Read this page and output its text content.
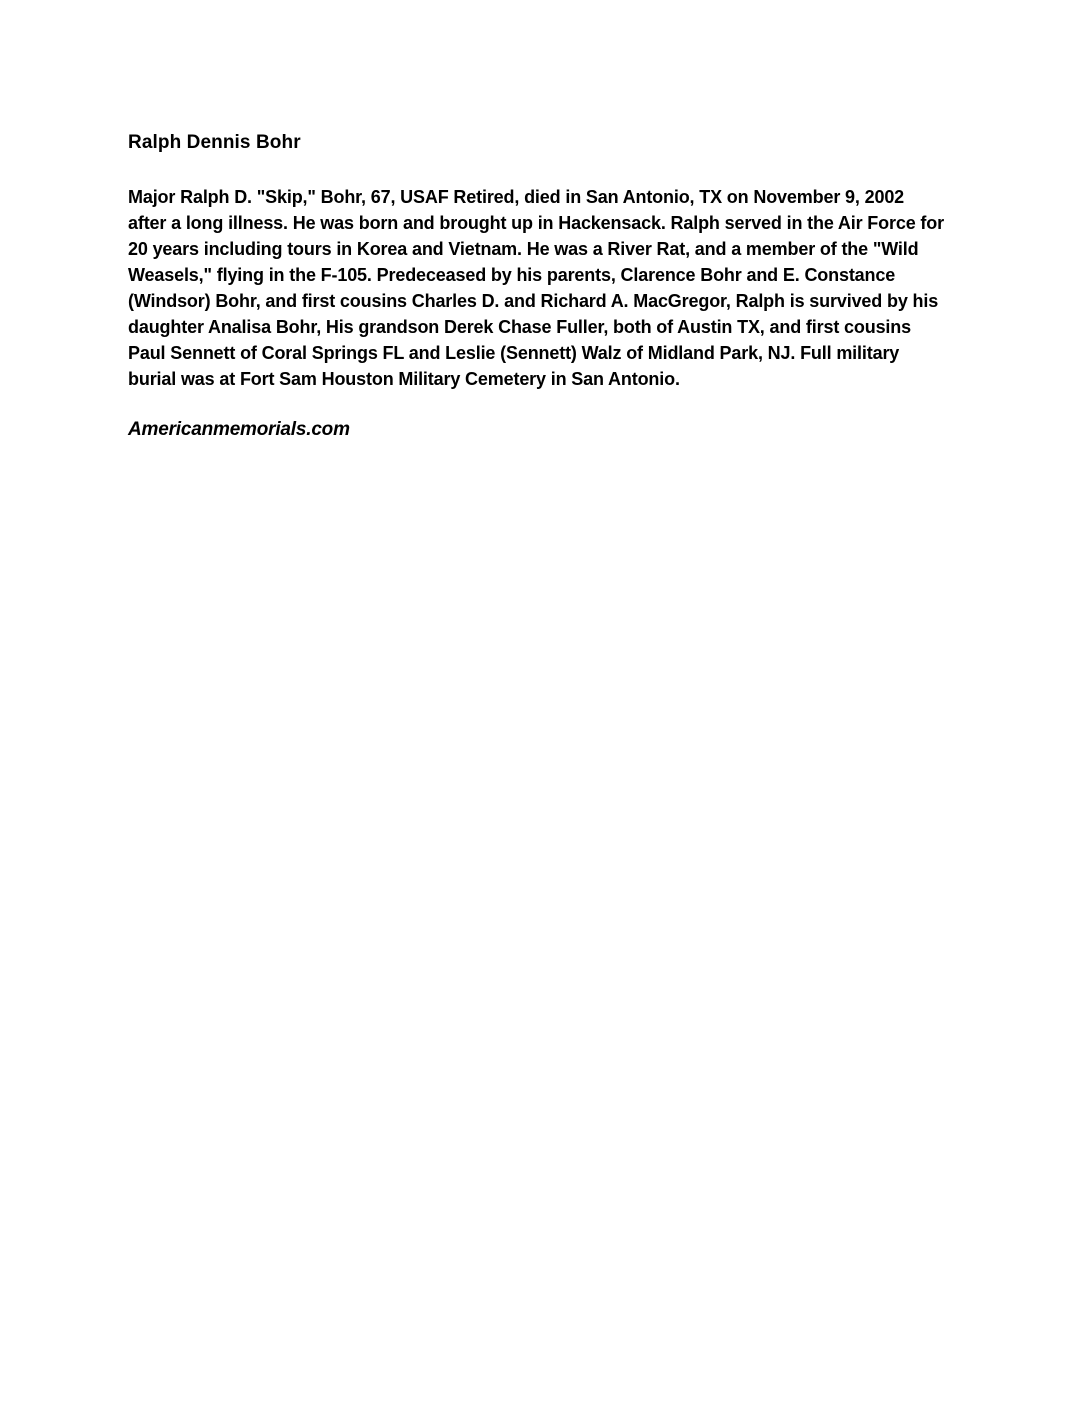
Ralph Dennis Bohr
Major Ralph D. "Skip," Bohr, 67, USAF Retired, died in San Antonio, TX on November 9, 2002
after a long illness. He was born and brought up in Hackensack. Ralph served in the Air Force for
20 years including tours in Korea and Vietnam. He was a River Rat, and a member of the "Wild
Weasels," flying in the F-105. Predeceased by his parents, Clarence Bohr and E. Constance
(Windsor) Bohr, and first cousins Charles D. and Richard A. MacGregor, Ralph is survived by his
daughter Analisa Bohr, His grandson Derek Chase Fuller, both of Austin TX, and first cousins
Paul Sennett of Coral Springs FL and Leslie (Sennett) Walz of Midland Park, NJ. Full military
burial was at Fort Sam Houston Military Cemetery in San Antonio.
Americanmemorials.com
